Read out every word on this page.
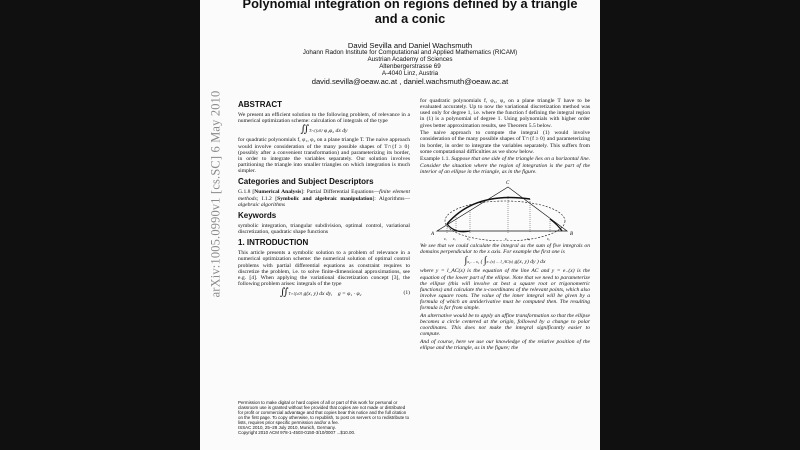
Polynomial integration on regions defined by a triangle and a conic
David Sevilla and Daniel Wachsmuth
Johann Radon Institute for Computational and Applied Mathematics (RICAM)
Austrian Academy of Sciences
Altenbergerstrasse 69
A-4040 Linz, Austria
david.sevilla@oeaw.ac.at , daniel.wachsmuth@oeaw.ac.at
arXiv:1005.0990v1 [cs.SC] 6 May 2010 ABSTRACT

We present an efficient solution to the following problem, of relevance in a numerical optimization scheme: calculation of integrals of the type

∬T∩{f≥0} φ₁φ₂ dx dy

for quadratic polynomials f, φ₁, φ₂ on a plane triangle T. The naive approach would involve consideration of the many possible shapes of T∩{f ≥ 0} (possibly after a convenient transformation) and parameterizing its border, in order to integrate the variables separately. Our solution involves partitioning the triangle into smaller triangles on which integration is much simpler.

Categories and Subject Descriptors

G.1.8 [Numerical Analysis]: Partial Differential Equations—finite element methods; I.1.2 [Symbolic and algebraic manipulation]: Algorithms—algebraic algorithms

Keywords

symbolic integration, triangular subdivision, optimal control, variational discretization, quadratic shape functions

1. INTRODUCTION

This article presents a symbolic solution to a problem of relevance in a numerical optimization scheme: the numerical solution of optimal control problems with partial differential equations as constraint requires to discretize the problem, i.e. to solve finite-dimensional approximations, see e.g. [4]. When applying the variational discretization concept [3], the following problem arises: integrals of the type

∬T∩{f≥0} g(x, y) dx dy, g = φ₁ · φ₂	(1)

Permission to make digital or hard copies of all or part of this work for personal or classroom use is granted without fee provided that copies are not made or distributed for profit or commercial advantage and that copies bear this notice and the full citation on the first page. To copy otherwise, to republish, to post on servers or to redistribute to lists, requires prior specific permission and/or a fee.

ISSAC 2010, 25–28 July 2010, Munich, Germany.

Copyright 2010 ACM 978-1-4503-0150-3/10/0007 ...$10.00.

for quadratic polynomials f, φ₁, φ₂ on a plane triangle T have to be evaluated accurately. Up to now the variational discretization method was used only for degree 1, i.e. where the function f defining the integral region in (1) is a polynomial of degree 1. Using polynomials with higher order gives better approximation results, see Theorem 5.5 below.

The naive approach to compute the integral (1) would involve consideration of the many possible shapes of T∩{f ≥ 0} and parameterizing its border, in order to integrate the variables separately. This suffers from some computational difficulties as we show below.

Example 1.1. Suppose that one side of the triangle lies on a horizontal line. Consider the situation where the region of integration is the part of the interior of an ellipse in the triangle, as in the figure.

A	B
C
x₁ x₂	x₃	x₄	x₅	x₆

We see that we could calculate the integral as the sum of five integrals on domains perpendicular to the x axis. For example the first one is

∫x₂ … x₁ ( ∫e₋(x) … l_AC(x) g(x, y) dy ) dx

where y = l_AC(x) is the equation of the line AC and y = e₋(x) is the equation of the lower part of the ellipse. Note that we need to parameterize the ellipse (this will involve at best a square root or trigonometric functions) and calculate the x-coordinates of the relevant points, which also involve square roots. The value of the inner integral will be given by a formula of which an antiderivative must be computed then. The resulting formula is far from simple.

An alternative would be to apply an affine transformation so that the ellipse becomes a circle centered at the origin, followed by a change to polar coordinates. This does not make the integral significantly easier to compute.

And of course, here we use our knowledge of the relative position of the ellipse and the triangle, as in the figure; the
